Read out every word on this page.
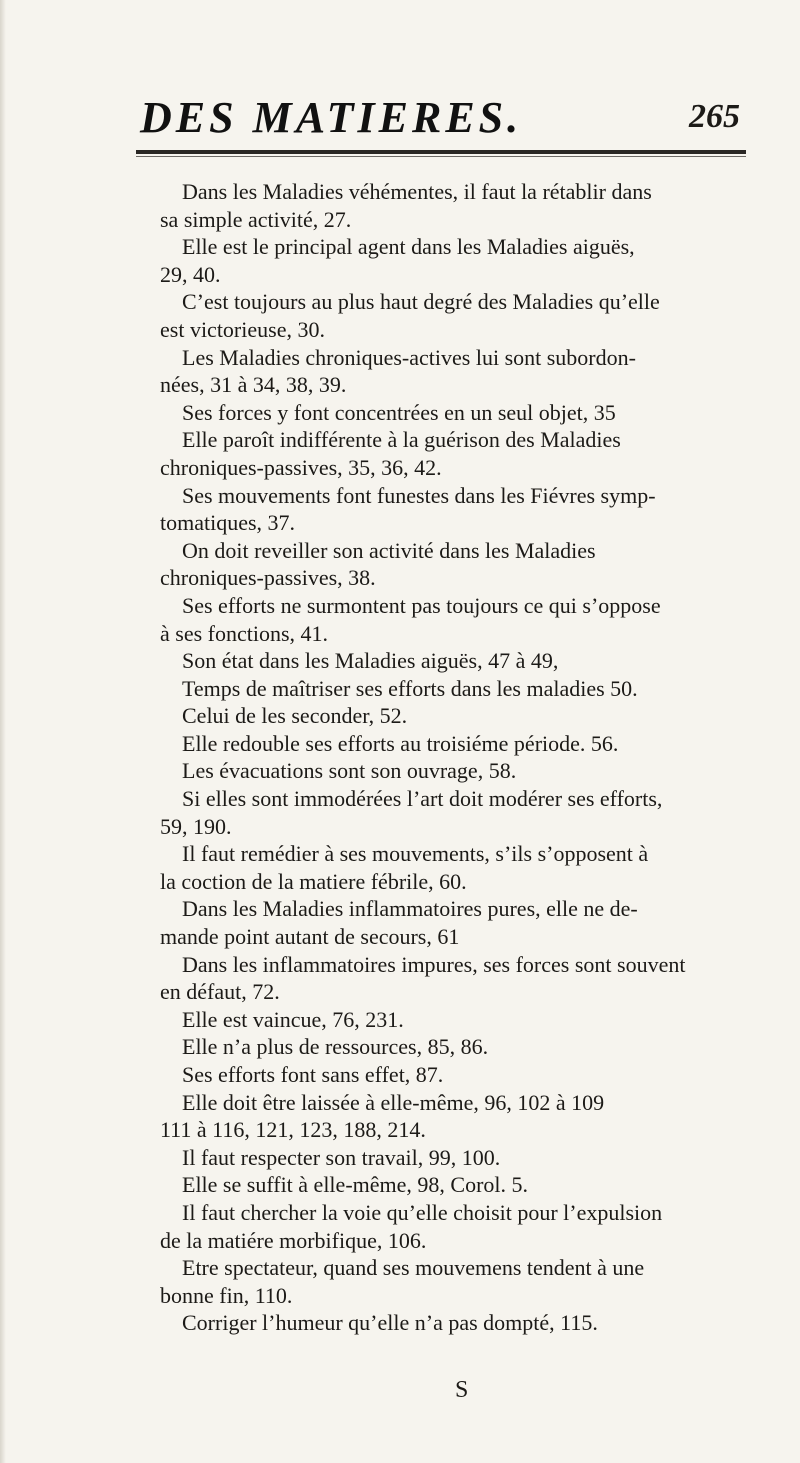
DES MATIERES.	265
Dans les Maladies véhémentes, il faut la rétablir dans
sa simple activité, 27.
Elle est le principal agent dans les Maladies aiguës,
29, 40.
C’est toujours au plus haut degré des Maladies qu’elle
est victorieuse, 30.
Les Maladies chroniques-actives lui sont subordon-
nées, 31 à 34, 38, 39.
Ses forces y font concentrées en un seul objet, 35
Elle paroît indifférente à la guérison des Maladies
chroniques-passives, 35, 36, 42.
Ses mouvements font funestes dans les Fiévres symp-
tomatiques, 37.
On doit reveiller son activité dans les Maladies
chroniques-passives, 38.
Ses efforts ne surmontent pas toujours ce qui s’oppose
à ses fonctions, 41.
Son état dans les Maladies aiguës, 47 à 49,
Temps de maîtriser ses efforts dans les maladies 50.
Celui de les seconder, 52.
Elle redouble ses efforts au troisiéme période. 56.
Les évacuations sont son ouvrage, 58.
Si elles sont immodérées l’art doit modérer ses efforts,
59, 190.
Il faut remédier à ses mouvements, s’ils s’opposent à
la coction de la matiere fébrile, 60.
Dans les Maladies inflammatoires pures, elle ne de-
mande point autant de secours, 61
Dans les inflammatoires impures, ses forces sont souvent
en défaut, 72.
Elle est vaincue, 76, 231.
Elle n’a plus de ressources, 85, 86.
Ses efforts font sans effet, 87.
Elle doit être laissée à elle-même, 96, 102 à 109
111 à 116, 121, 123, 188, 214.
Il faut respecter son travail, 99, 100.
Elle se suffit à elle-même, 98, Corol. 5.
Il faut chercher la voie qu’elle choisit pour l’expulsion
de la matiére morbifique, 106.
Etre spectateur, quand ses mouvemens tendent à une
bonne fin, 110.
Corriger l’humeur qu’elle n’a pas dompté, 115.
S
